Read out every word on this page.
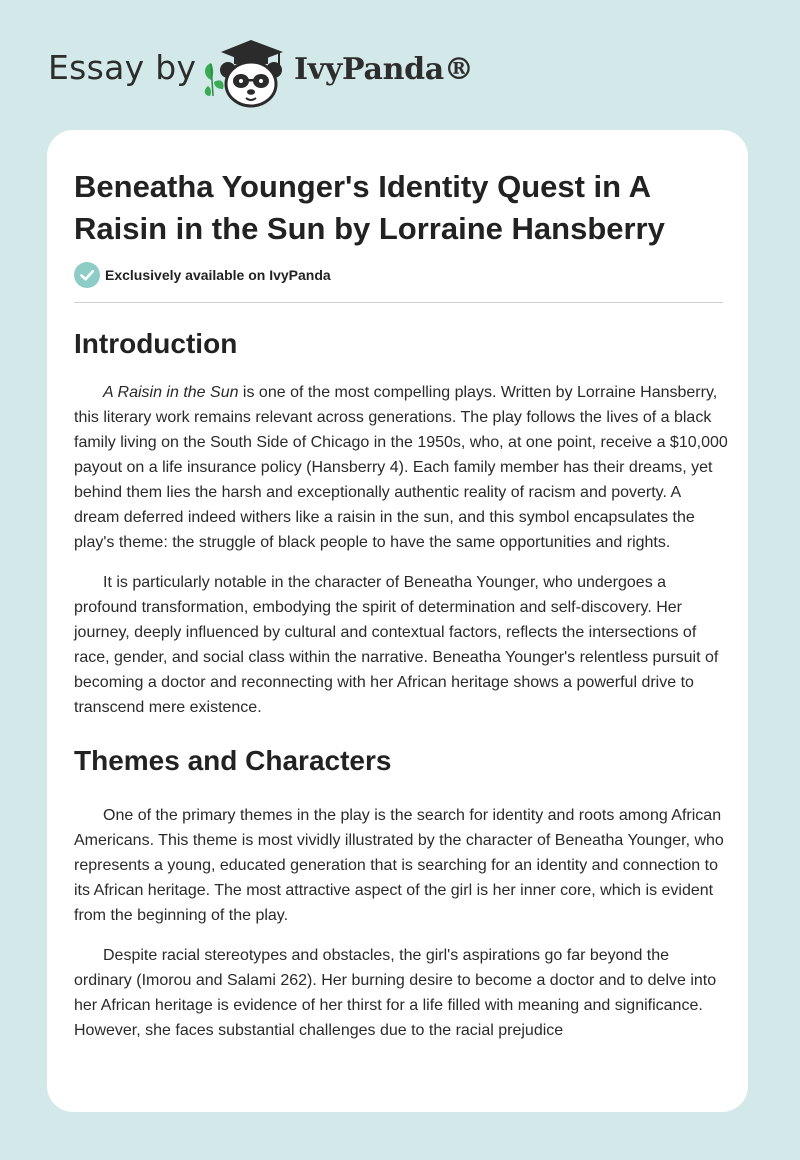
Essay by	IvyPanda®
Beneatha Younger's Identity Quest in A Raisin in the Sun by Lorraine Hansberry
Exclusively available on IvyPanda
Introduction

A Raisin in the Sun is one of the most compelling plays. Written by Lorraine Hansberry, this literary work remains relevant across generations. The play follows the lives of a black family living on the South Side of Chicago in the 1950s, who, at one point, receive a $10,000 payout on a life insurance policy (Hansberry 4). Each family member has their dreams, yet behind them lies the harsh and exceptionally authentic reality of racism and poverty. A dream deferred indeed withers like a raisin in the sun, and this symbol encapsulates the play's theme: the struggle of black people to have the same opportunities and rights.

It is particularly notable in the character of Beneatha Younger, who undergoes a profound transformation, embodying the spirit of determination and self-discovery. Her journey, deeply influenced by cultural and contextual factors, reflects the intersections of race, gender, and social class within the narrative. Beneatha Younger's relentless pursuit of becoming a doctor and reconnecting with her African heritage shows a powerful drive to transcend mere existence.

Themes and Characters

One of the primary themes in the play is the search for identity and roots among African Americans. This theme is most vividly illustrated by the character of Beneatha Younger, who represents a young, educated generation that is searching for an identity and connection to its African heritage. The most attractive aspect of the girl is her inner core, which is evident from the beginning of the play.

Despite racial stereotypes and obstacles, the girl's aspirations go far beyond the ordinary (Imorou and Salami 262). Her burning desire to become a doctor and to delve into her African heritage is evidence of her thirst for a life filled with meaning and significance. However, she faces substantial challenges due to the racial prejudice
